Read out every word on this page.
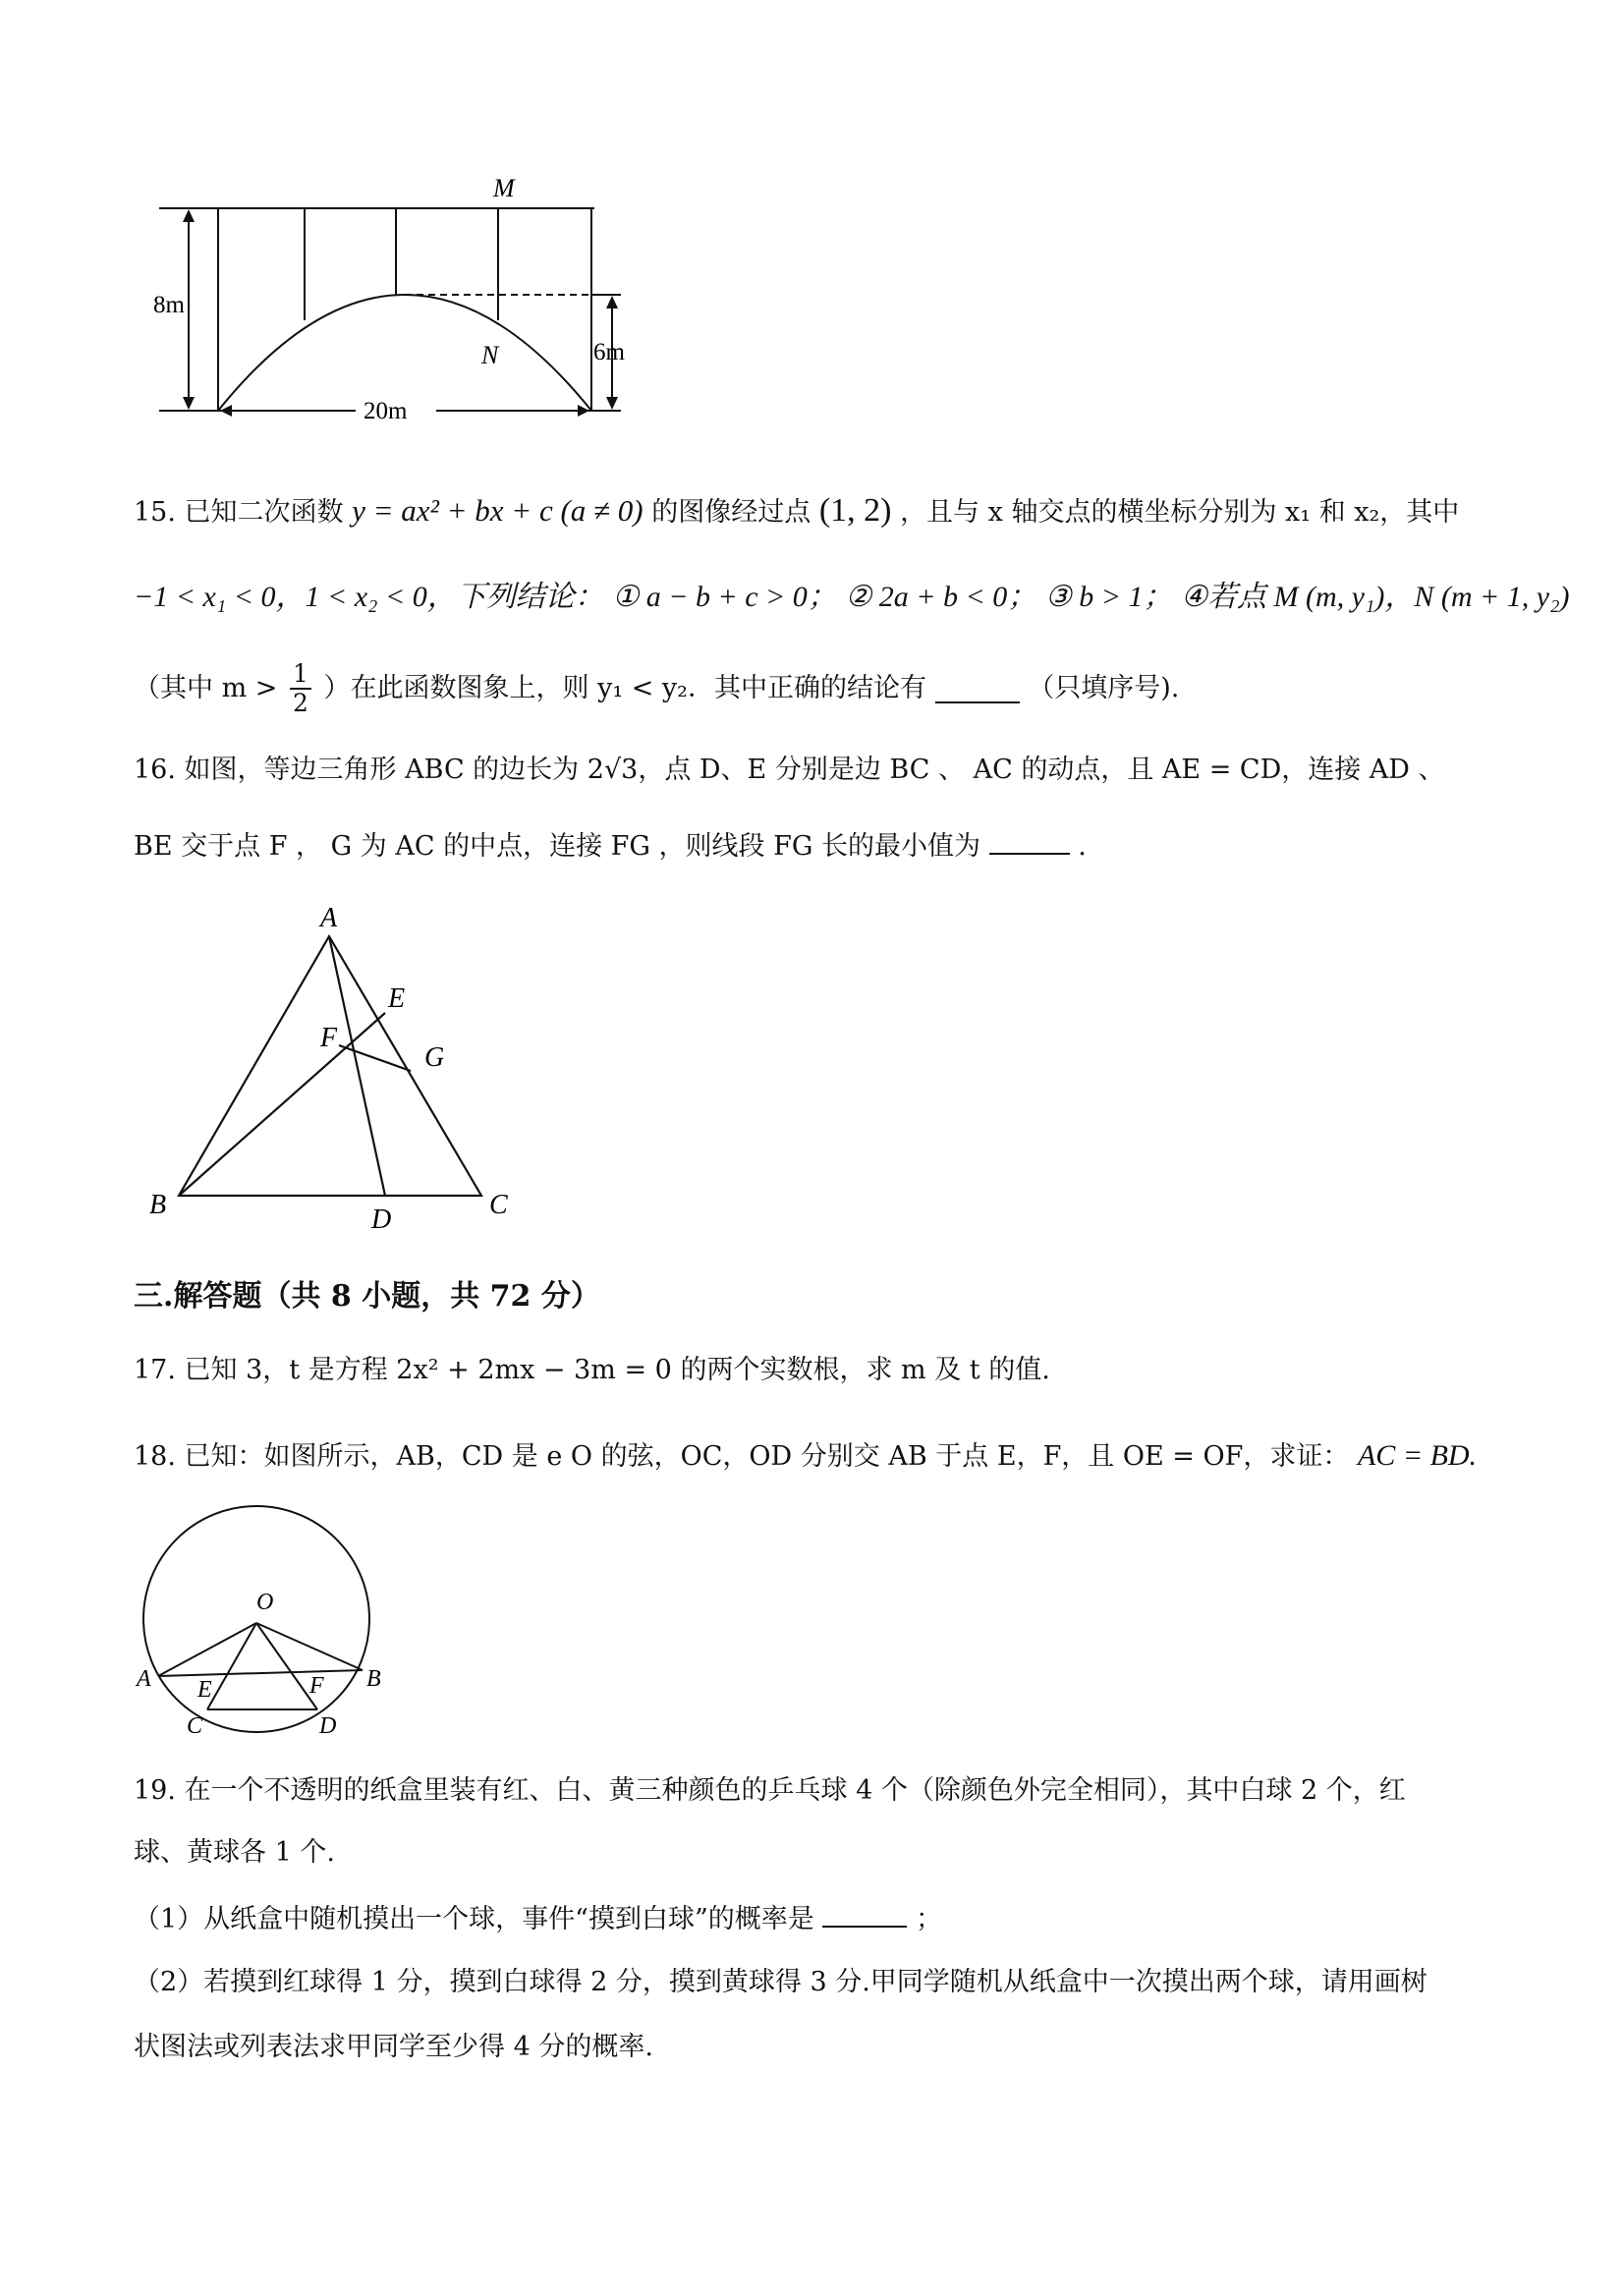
M
N
8m
6m
20m
15. 已知二次函数 y = ax² + bx + c (a ≠ 0) 的图像经过点 (1, 2) ，且与 x 轴交点的横坐标分别为 x₁ 和 x₂，其中
−1 < x₁ < 0，1 < x₂ < 0，下列结论： ① a − b + c > 0； ② 2a + b < 0； ③ b > 1； ④若点 M (m, y₁)，N (m + 1, y₂)
（其中 $m > \frac{1}{2}$ ）在此函数图象上，则 y₁ < y₂．其中正确的结论有	（只填序号).
16. 如图，等边三角形 ABC 的边长为 2√3，点 D、E 分别是边 BC 、 AC 的动点，且 AE = CD，连接 AD 、
BE 交于点 F ， G 为 AC 的中点，连接 FG ，则线段 FG 长的最小值为	.
A
B	C
D
E
F
G
三.解答题（共 8 小题，共 72 分）
17. 已知 3，t 是方程 2x² + 2mx − 3m = 0 的两个实数根，求 m 及 t 的值.
18. 已知：如图所示，AB，CD 是 e O 的弦，OC，OD 分别交 AB 于点 E，F，且 OE = OF，求证： AC = BD.
O
A	B
C	D
E	F
19. 在一个不透明的纸盒里装有红、白、黄三种颜色的乒乓球 4 个（除颜色外完全相同），其中白球 2 个，红
球、黄球各 1 个.
（1）从纸盒中随机摸出一个球，事件“摸到白球”的概率是	；
（2）若摸到红球得 1 分，摸到白球得 2 分，摸到黄球得 3 分.甲同学随机从纸盒中一次摸出两个球，请用画树
状图法或列表法求甲同学至少得 4 分的概率.
